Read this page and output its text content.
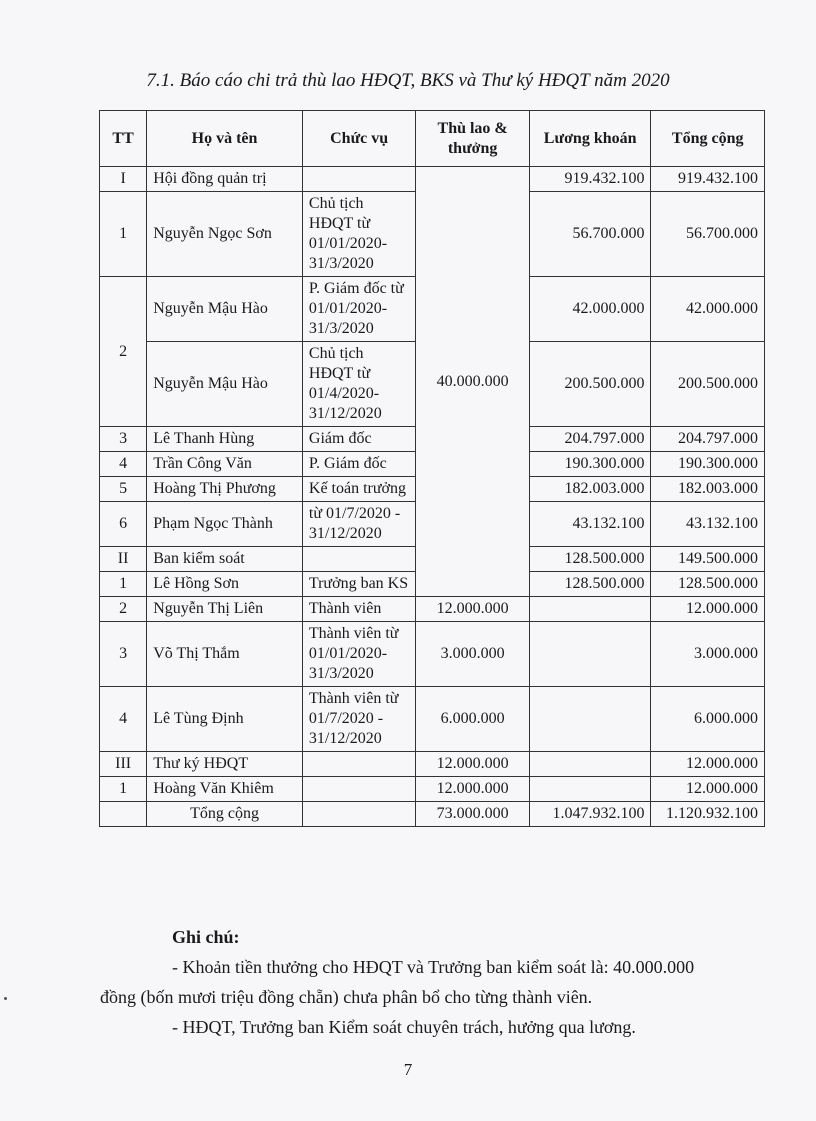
7.1. Báo cáo chi trả thù lao HĐQT, BKS và Thư ký HĐQT năm 2020
TT	Họ và tên	Chức vụ	Thù lao & thưởng	Lương khoán	Tổng cộng
I	Hội đồng quản trị		40.000.000	919.432.100	919.432.100
1	Nguyễn Ngọc Sơn	Chủ tịch HĐQT từ 01/01/2020-31/3/2020		56.700.000	56.700.000
2	Nguyễn Mậu Hào	P. Giám đốc từ 01/01/2020-31/3/2020		42.000.000	42.000.000
	Nguyễn Mậu Hào	Chủ tịch HĐQT từ 01/4/2020-31/12/2020		200.500.000	200.500.000
3	Lê Thanh Hùng	Giám đốc		204.797.000	204.797.000
4	Trần Công Văn	P. Giám đốc		190.300.000	190.300.000
5	Hoàng Thị Phương	Kế toán trưởng		182.003.000	182.003.000
6	Phạm Ngọc Thành	từ 01/7/2020 - 31/12/2020		43.132.100	43.132.100
II	Ban kiểm soát			128.500.000	149.500.000
1	Lê Hồng Sơn	Trưởng ban KS		128.500.000	128.500.000
2	Nguyễn Thị Liên	Thành viên	12.000.000		12.000.000
3	Võ Thị Thắm	Thành viên từ 01/01/2020-31/3/2020	3.000.000		3.000.000
4	Lê Tùng Định	Thành viên từ 01/7/2020 - 31/12/2020	6.000.000		6.000.000
III	Thư ký HĐQT		12.000.000		12.000.000
1	Hoàng Văn Khiêm		12.000.000		12.000.000
	Tổng cộng		73.000.000	1.047.932.100	1.120.932.100
Ghi chú:
- Khoản tiền thưởng cho HĐQT và Trưởng ban kiểm soát là: 40.000.000
đồng (bốn mươi triệu đồng chẵn) chưa phân bổ cho từng thành viên.
- HĐQT, Trưởng ban Kiểm soát chuyên trách, hưởng qua lương.
7
